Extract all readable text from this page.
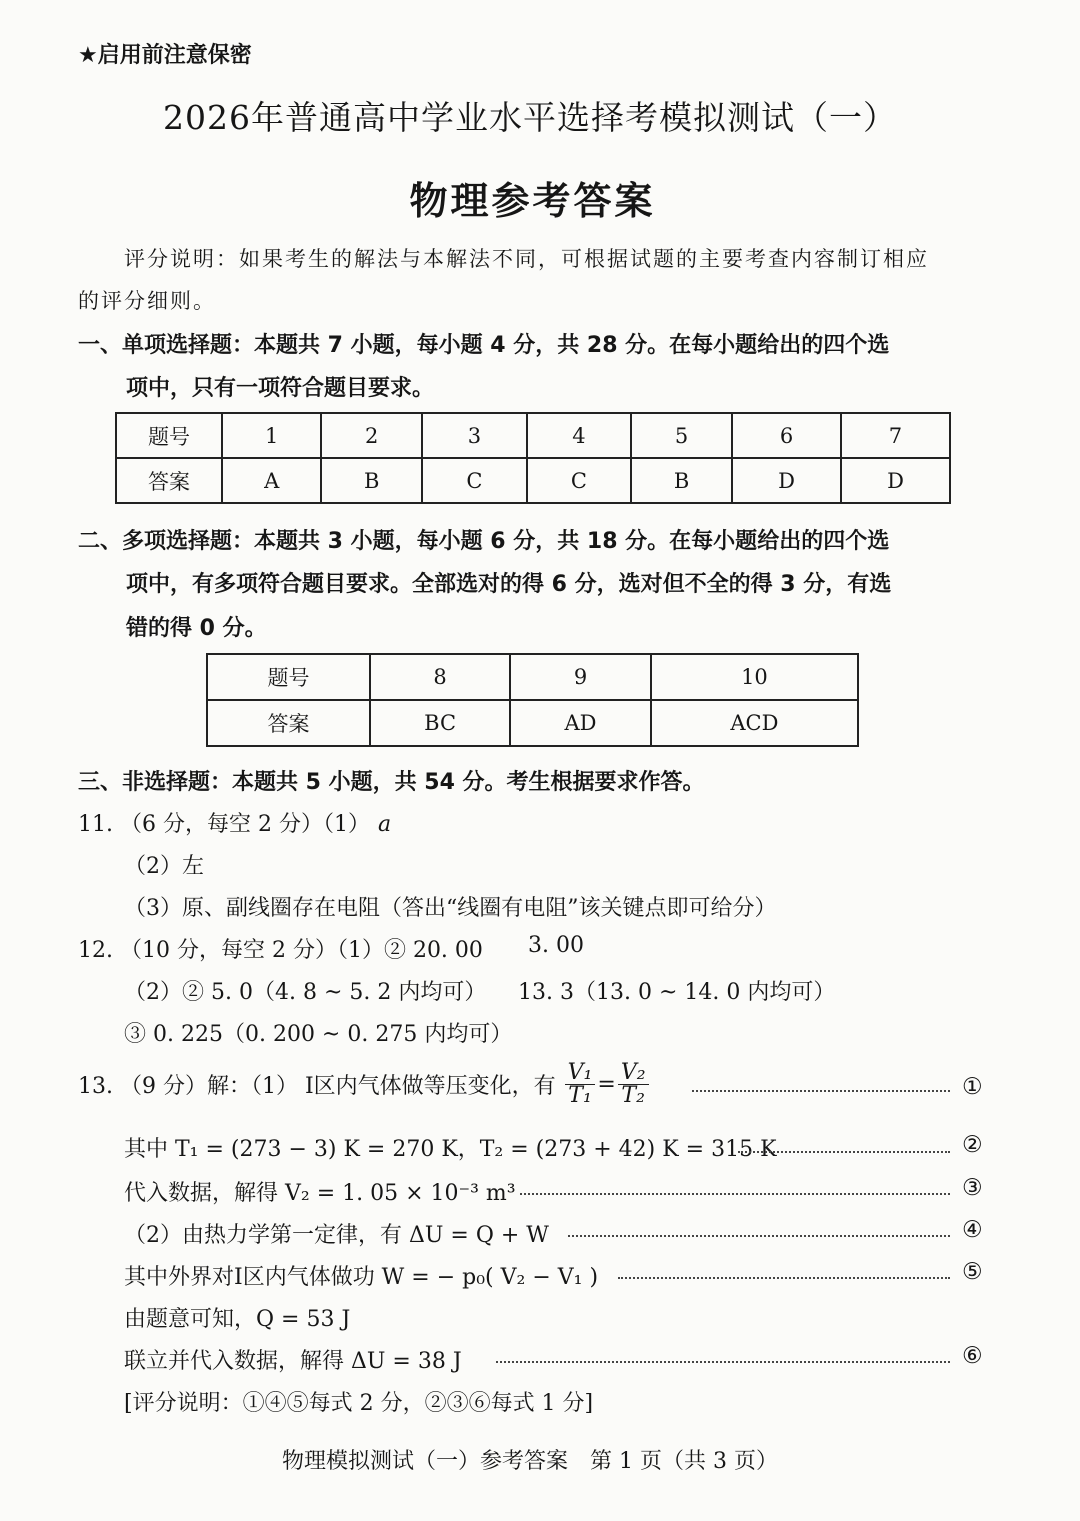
★启用前注意保密
2026年普通高中学业水平选择考模拟测试（一）
物理参考答案
评分说明：如果考生的解法与本解法不同，可根据试题的主要考查内容制订相应
的评分细则。
一、单项选择题：本题共 7 小题，每小题 4 分，共 28 分。在每小题给出的四个选
项中，只有一项符合题目要求。
题号	1	2	3	4	5	6	7
答案	A	B	C	C	B	D	D
二、多项选择题：本题共 3 小题，每小题 6 分，共 18 分。在每小题给出的四个选
项中，有多项符合题目要求。全部选对的得 6 分，选对但不全的得 3 分，有选
错的得 0 分。
题号	8	9	10
答案	BC	AD	ACD
三、非选择题：本题共 5 小题，共 54 分。考生根据要求作答。
11. （6 分，每空 2 分）（1） a
（2）左
（3）原、副线圈存在电阻（答出“线圈有电阻”该关键点即可给分）
12. （10 分，每空 2 分）（1）② 20. 00 3. 00
（2）② 5. 0（4. 8 ~ 5. 2 内均可） 13. 3（13. 0 ~ 14. 0 内均可）
③ 0. 225（0. 200 ~ 0. 275 内均可）
13. （9 分）解：（1） Ⅰ区内气体做等压变化，有 $\frac{\text{V₁}}{\text{T₁}} = \frac{\text{V₂}}{\text{T₂}}$	①
其中 T₁ = (273 − 3) K = 270 K，T₂ = (273 + 42) K = 315 K	②
代入数据，解得 V₂ = 1. 05 × 10⁻³ m³	③
（2）由热力学第一定律，有 ΔU = Q + W	④
其中外界对Ⅰ区内气体做功 W = − p₀( V₂ − V₁ )	⑤
由题意可知，Q = 53 J
联立并代入数据，解得 ΔU = 38 J	⑥
[评分说明：①④⑤每式 2 分，②③⑥每式 1 分]
物理模拟测试（一）参考答案　第 1 页（共 3 页）
